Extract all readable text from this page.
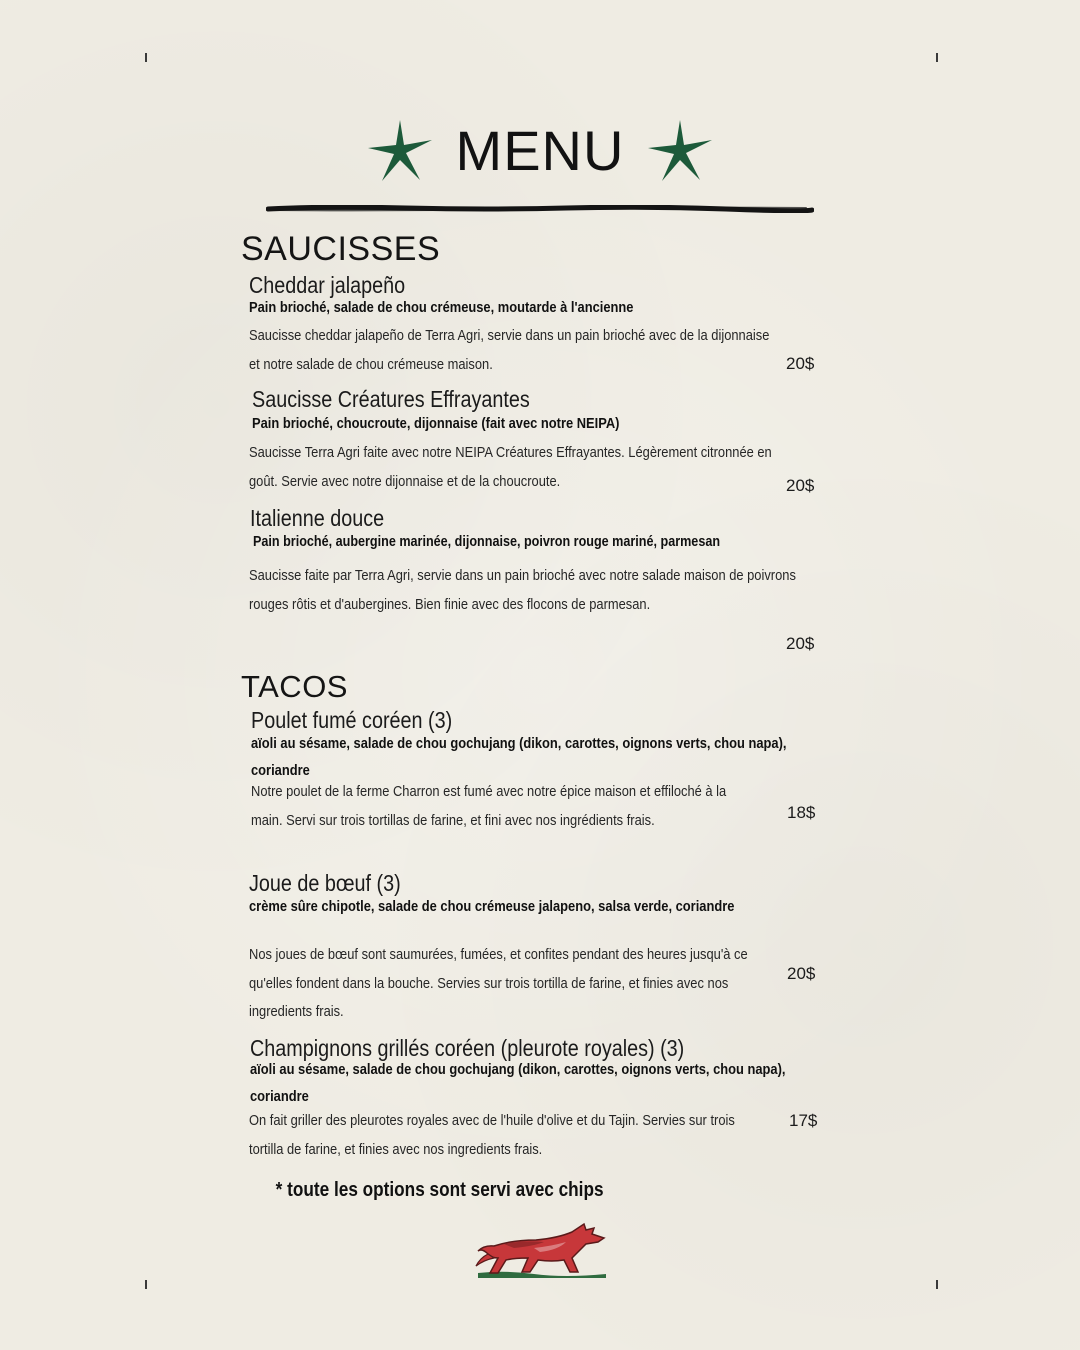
MENU
SAUCISSES
Cheddar jalapeño
Pain brioché, salade de chou crémeuse, moutarde à l'ancienne
Saucisse cheddar jalapeño de Terra Agri, servie dans un pain brioché avec de la dijonnaise et notre salade de chou crémeuse maison.	20$
Saucisse Créatures Effrayantes
Pain brioché, choucroute, dijonnaise (fait avec notre NEIPA)
Saucisse Terra Agri faite avec notre NEIPA Créatures Effrayantes. Légèrement citronnée en goût. Servie avec notre dijonnaise et de la choucroute.	20$
Italienne douce
Pain brioché, aubergine marinée, dijonnaise, poivron rouge mariné, parmesan
Saucisse faite par Terra Agri, servie dans un pain brioché avec notre salade maison de poivrons rouges rôtis et d'aubergines. Bien finie avec des flocons de parmesan.
20$
TACOS
Poulet fumé coréen (3)
aïoli au sésame, salade de chou gochujang (dikon, carottes, oignons verts, chou napa), coriandre
Notre poulet de la ferme Charron est fumé avec notre épice maison et effiloché à la main. Servi sur trois tortillas de farine, et fini avec nos ingrédients frais.	18$
Joue de bœuf (3)
crème sûre chipotle, salade de chou crémeuse jalapeno, salsa verde, coriandre
Nos joues de bœuf sont saumurées, fumées, et confites pendant des heures jusqu'à ce qu'elles fondent dans la bouche. Servies sur trois tortilla de farine, et finies avec nos ingredients frais.
20$
Champignons grillés coréen (pleurote royales) (3)
aïoli au sésame, salade de chou gochujang (dikon, carottes, oignons verts, chou napa), coriandre
On fait griller des pleurotes royales avec de l'huile d'olive et du Tajin. Servies sur trois tortilla de farine, et finies avec nos ingredients frais.
17$
* toute les options sont servi avec chips
